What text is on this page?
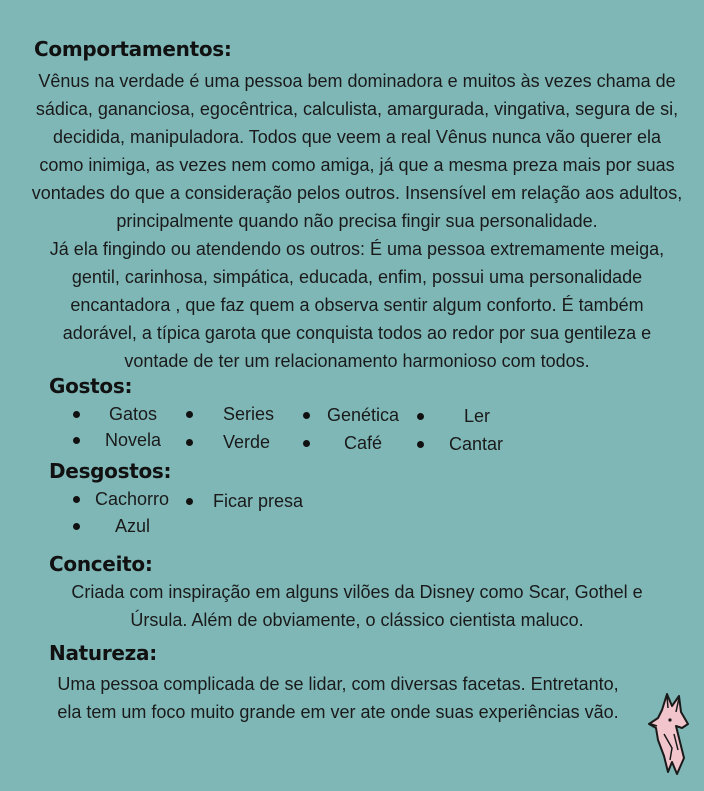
Comportamentos:
Vênus na verdade é uma pessoa bem dominadora e muitos às vezes chama de
sádica, gananciosa, egocêntrica, calculista, amargurada, vingativa, segura de si,
decidida, manipuladora. Todos que veem a real Vênus nunca vão querer ela
como inimiga, as vezes nem como amiga, já que a mesma preza mais por suas
vontades do que a consideração pelos outros. Insensível em relação aos adultos,
principalmente quando não precisa fingir sua personalidade.
Já ela fingindo ou atendendo os outros: É uma pessoa extremamente meiga,
gentil, carinhosa, simpática, educada, enfim, possui uma personalidade
encantadora , que faz quem a observa sentir algum conforto. É também
adorável, a típica garota que conquista todos ao redor por sua gentileza e
vontade de ter um relacionamento harmonioso com todos.
Gostos:
Gatos	Series	Genética	Ler
Novela	Verde	Café	Cantar
Desgostos:
Cachorro Ficar presa
Azul
Conceito:
Criada com inspiração em alguns vilões da Disney como Scar, Gothel e
Úrsula. Além de obviamente, o clássico cientista maluco.
Natureza:
Uma pessoa complicada de se lidar, com diversas facetas. Entretanto,
ela tem um foco muito grande em ver ate onde suas experiências vão.
